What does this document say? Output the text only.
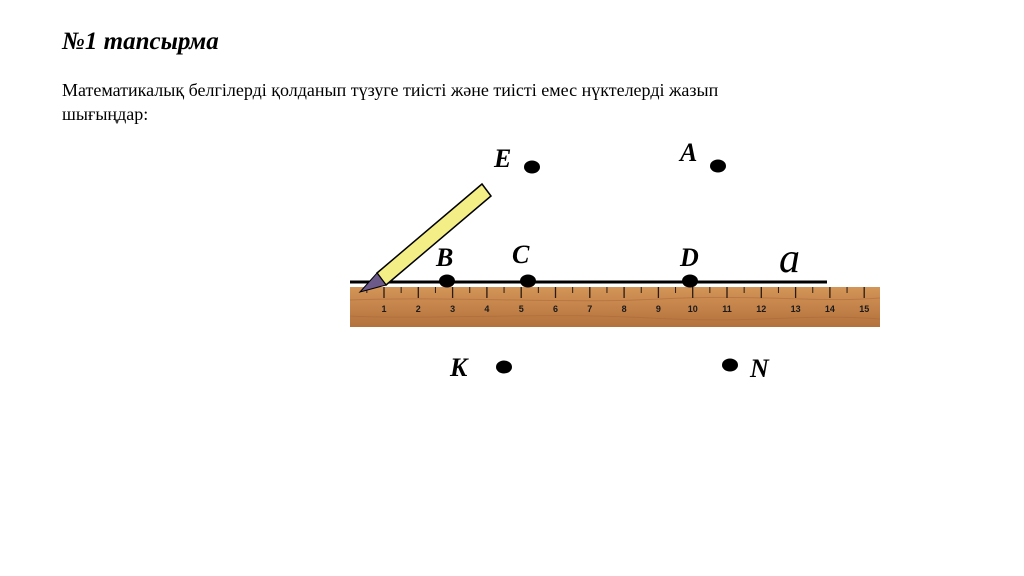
№1 тапсырма
Математикалық белгілерді қолданып түзуге тиісті және тиісті емес нүктелерді жазып
шығыңдар:
1	2	3	4	5	6	7	8	9	10	11	12	13	14	15
a
B C	D
E	A
K	N
